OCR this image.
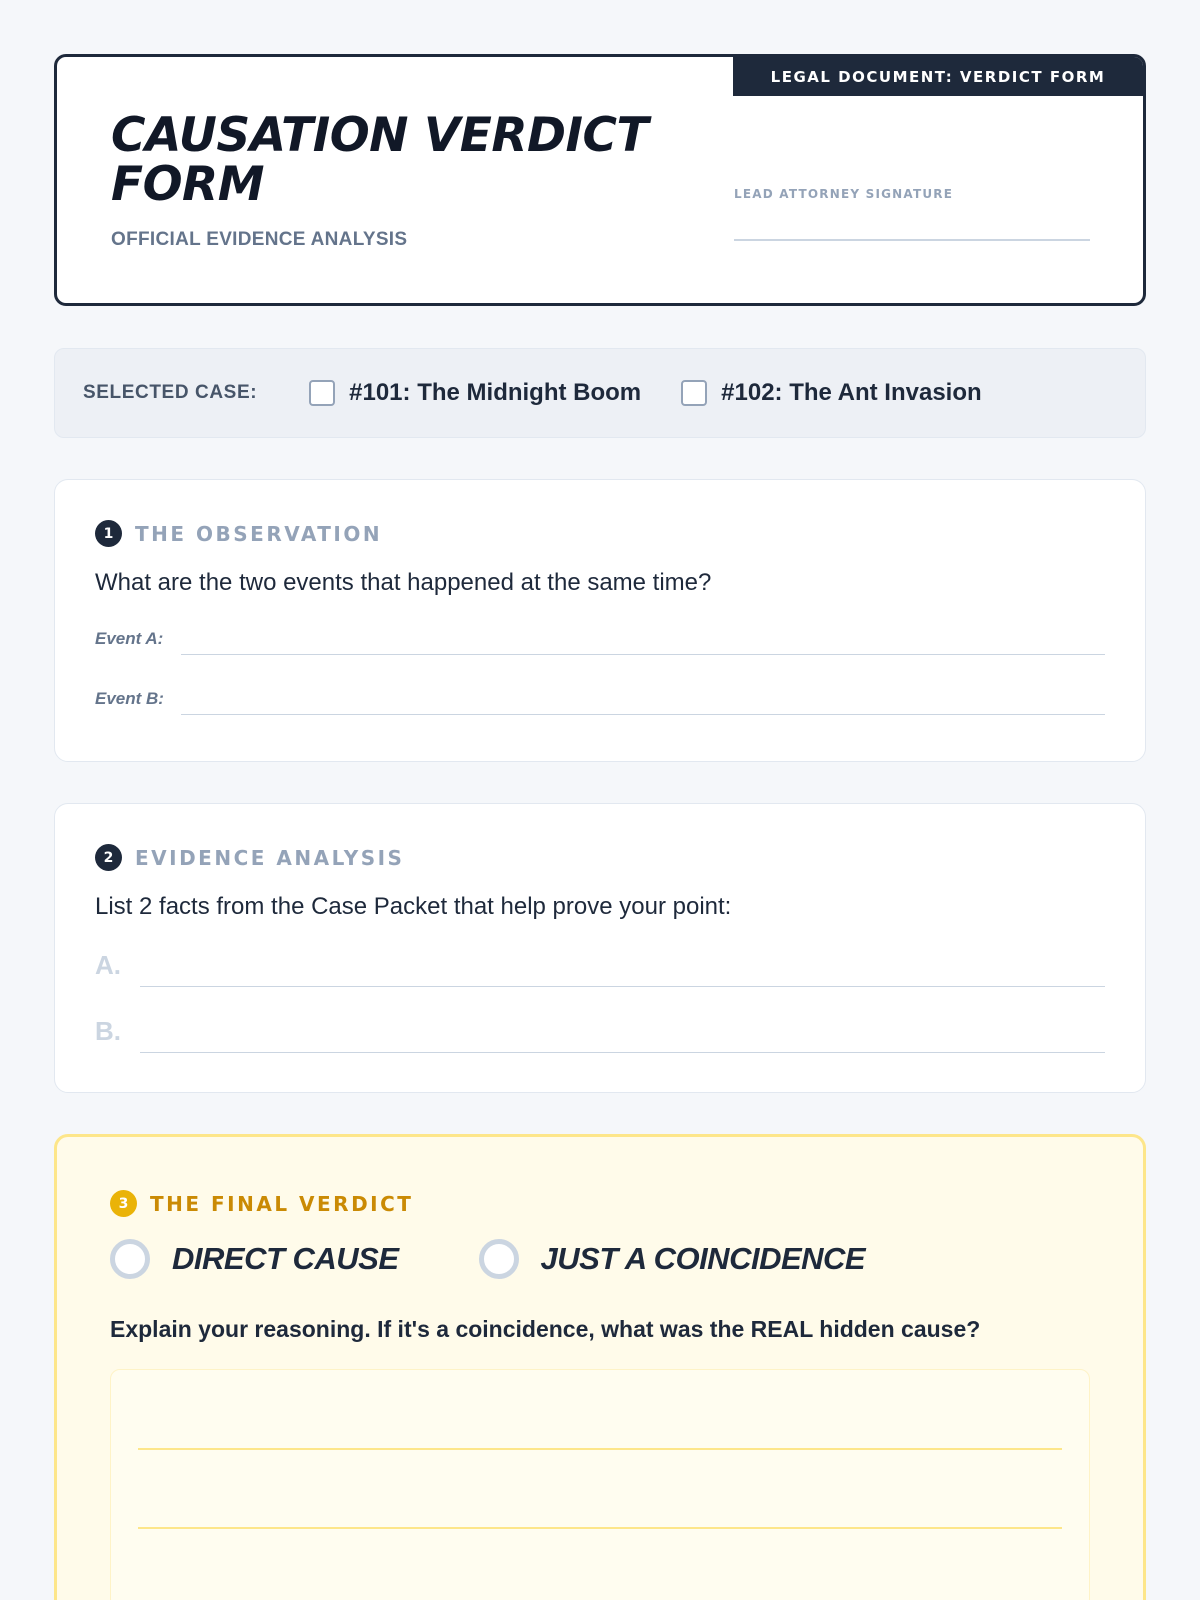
LEGAL DOCUMENT: VERDICT FORM
CAUSATION VERDICT FORM
OFFICIAL EVIDENCE ANALYSIS
LEAD ATTORNEY SIGNATURE
SELECTED CASE:	#101: The Midnight Boom	#102: The Ant Invasion
1	THE OBSERVATION
What are the two events that happened at the same time?
Event A:
Event B:
2	EVIDENCE ANALYSIS
List 2 facts from the Case Packet that help prove your point:
A.
B.
3	THE FINAL VERDICT
DIRECT CAUSE	JUST A COINCIDENCE
Explain your reasoning. If it's a coincidence, what was the REAL hidden cause?
